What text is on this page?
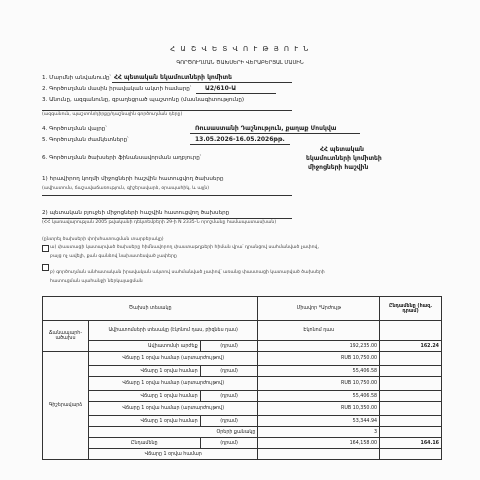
Հ Ա Շ Վ Ե Տ Վ Ո Ւ Թ Յ Ո Ւ Ն
ԳՈՐԾՈՒՂՄԱՆ ԾԱԽՍԵՐԻ ՎԵՐԱԲԵՐՅԱԼ ՄԱՍԻՆ
1. Մարմնի անվանումը՝ ՀՀ պետական եկամուտների կոմիտե
2. Գործուղման մասին իրավական ակտի համարը՝ Ա2/610-Ա
3. Անունը, ազգանունը, զբաղեցրած պաշտոնը (մասնագիտությունը)
(ազգանուն, պաշտոն/դիրքը/դաշնային գործուղման դերը)
4. Գործուղման վայրը՝	Ռուսաստանի Դաշնություն, քաղաք Մոսկվա
5. Գործուղման ժամկետները՝	13.05.2026-16.05.2026թթ.
6. Գործուղման ծախսերի ֆինանսավորման աղբյուրը՝
ՀՀ պետական
եկամուտների կոմիտեի
միջոցների հաշվին
1) հրավիրող կողմի միջոցների հաշվին հատուցվող ծախսերը
(ավիատոմս, ճաշավաճառություն, գիշերավարձ, օրապահիկ, և այլն)
2) պետական բյուջեի միջոցների հաշվին հատուցվող ծախսերը
(ՀՀ կառավարության 2005 թվականի դեկտեմբերի 29-ի N 2335-Ն որոշմանը համապատասխան)
(ընտրել ծախսերի փոխհատուցման տարբերակը)
ա) փաստացի կատարված ծախսերը հիմնավորող փաստաթղթերի հիման վրա՝ դրանցով սահմանված չափով,
բայց ոչ ավելի, քան գանձով նախատեսված չափերը
բ) գործուղման անհատական իրավական ակտով սահմանված չափով՝ առանց փաստացի կատարված ծախսերի
հատուցման պահանջի ներկայացման
Ծախսի տեսակը			Միավոր *Արժույթ	Ընդամենը (հազ. դրամ)
Ճանապարհ-
ածախս	Ավիատոմսերի տեսակը (էկոնոմ դաս, բիզնես դաս)		Էկոնոմ դաս	
	Ավիատոմսի արժեք	(դրամ)	192,235.00	162.24
Գիշերավարձ	Վճարը 1 օրվա համար (արտարժույթով)		RUB 10,750.00	
	Վճարը 1 օրվա համար	(դրամ)	55,406.58	
	Վճարը 1 օրվա համար (արտարժույթով)		RUB 10,750.00	
	Վճարը 1 օրվա համար	(դրամ)	55,406.58	
	Վճարը 1 օրվա համար (արտարժույթով)		RUB 10,350.00	
	Վճարը 1 օրվա համար	(դրամ)	53,344.94	
	Օրերի քանակը		3	
	Ընդամենը	(դրամ)	164,158.00	164.16
	Վճարը 1 օրվա համար			
